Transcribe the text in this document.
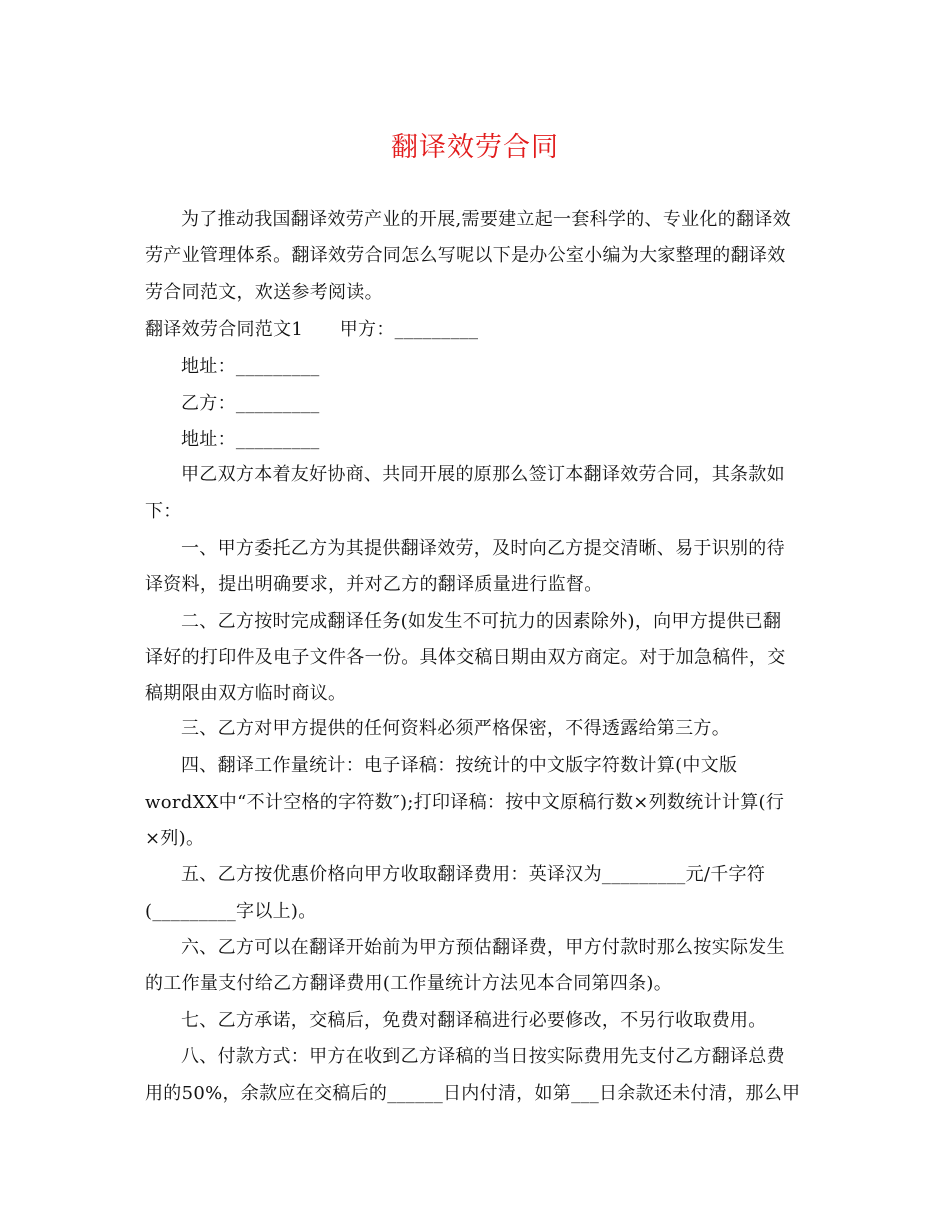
翻译效劳合同
为了推动我国翻译效劳产业的开展,需要建立起一套科学的、专业化的翻译效
劳产业管理体系。翻译效劳合同怎么写呢以下是办公室小编为大家整理的翻译效
劳合同范文，欢送参考阅读。
翻译效劳合同范文1　　甲方：_________
地址：_________
乙方：_________
地址：_________
甲乙双方本着友好协商、共同开展的原那么签订本翻译效劳合同，其条款如
下：
一、甲方委托乙方为其提供翻译效劳，及时向乙方提交清晰、易于识别的待
译资料，提出明确要求，并对乙方的翻译质量进行监督。
二、乙方按时完成翻译任务(如发生不可抗力的因素除外)，向甲方提供已翻
译好的打印件及电子文件各一份。具体交稿日期由双方商定。对于加急稿件，交
稿期限由双方临时商议。
三、乙方对甲方提供的任何资料必须严格保密，不得透露给第三方。
四、翻译工作量统计：电子译稿：按统计的中文版字符数计算(中文版
wordXX中“不计空格的字符数″);打印译稿：按中文原稿行数×列数统计计算(行
×列)。
五、乙方按优惠价格向甲方收取翻译费用：英译汉为_________元/千字符
(_________字以上)。
六、乙方可以在翻译开始前为甲方预估翻译费，甲方付款时那么按实际发生
的工作量支付给乙方翻译费用(工作量统计方法见本合同第四条)。
七、乙方承诺，交稿后，免费对翻译稿进行必要修改，不另行收取费用。
八、付款方式：甲方在收到乙方译稿的当日按实际费用先支付乙方翻译总费
用的50%，余款应在交稿后的______日内付清，如第___日余款还未付清，那么甲
